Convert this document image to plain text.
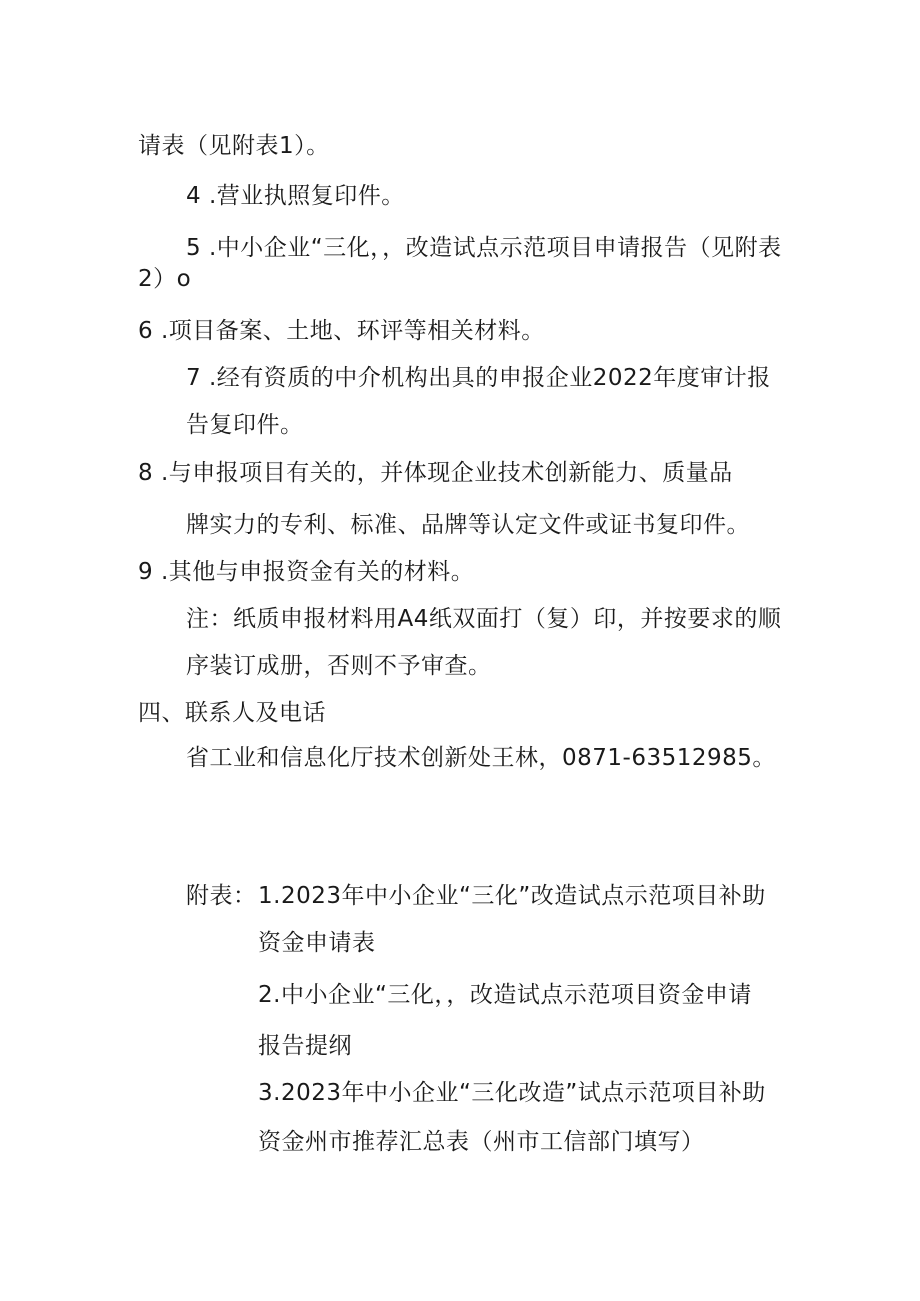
请表（见附表1）。
4 .营业执照复印件。
5 .中小企业“三化，，改造试点示范项目申请报告（见附表
2）o
6 .项目备案、土地、环评等相关材料。
7 .经有资质的中介机构出具的申报企业2022年度审计报
告复印件。
8 .与申报项目有关的，并体现企业技术创新能力、质量品
牌实力的专利、标准、品牌等认定文件或证书复印件。
9 .其他与申报资金有关的材料。
注：纸质申报材料用A4纸双面打（复）印，并按要求的顺
序装订成册，否则不予审查。
四、联系人及电话
省工业和信息化厅技术创新处王林，0871-63512985。
附表： 1.2023年中小企业“三化”改造试点示范项目补助
资金申请表
2.中小企业“三化，，改造试点示范项目资金申请
报告提纲
3.2023年中小企业“三化改造”试点示范项目补助
资金州市推荐汇总表（州市工信部门填写）
